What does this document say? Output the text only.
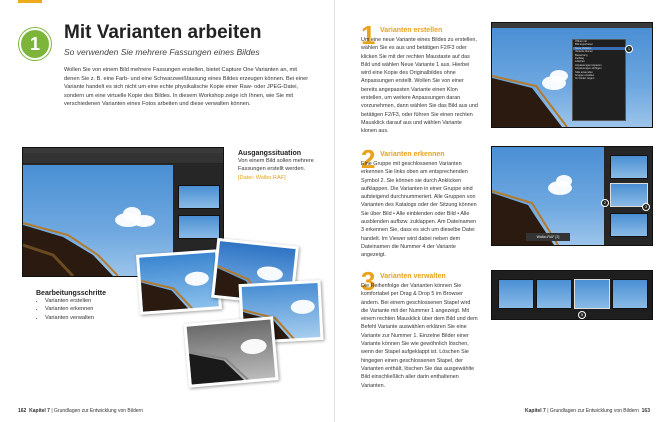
1
Mit Varianten arbeiten
So verwenden Sie mehrere Fassungen eines Bildes
Wollen Sie von einem Bild mehrere Fassungen erstellen, bietet Capture One Varianten an, mit denen Sie z. B. eine Farb- und eine Schwarzweißfassung eines Bildes erzeugen können. Bei einer Variante handelt es sich nicht um eine echte physikalische Kopie einer Raw- oder JPEG-Datei, sondern um eine virtuelle Kopie des Bildes. In diesem Workshop zeige ich Ihnen, wie Sie mit verschiedenen Varianten eines Fotos arbeiten und diese verwalten können.
Ausgangssituation
Von einem Bild sollen mehrere Fassungen erstellt werden.
[Datei: Walbo.RAF]
Bearbeitungsschritte
• Varianten erstellen
• Varianten erkennen
• Varianten verwalten
162 Kapitel 7 | Grundlagen zur Entwicklung von Bildern
1 Varianten erstellen
Um eine neue Variante eines Bildes zu erstellen, wählen Sie es aus und betätigen F2/F3 oder klicken Sie mit der rechten Maustaste auf das Bild und wählen Neue Variante 1 aus. Hierbei wird eine Kopie des Originalbildes ohne Anpassungen erstellt. Wollen Sie von einer bereits angepassten Variante einen Klon erstellen, um weitere Anpassungen daran vorzunehmen, dann wählen Sie das Bild aus und betätigen F2/F3, oder führen Sie einen rechten Mausklick darauf aus und wählen Variante klonen aus.
Öffnen mit
Bild exportieren
Neue Variante
Variante klonen
Bewertung
Farbtag
Löschen
Anpassungen kopieren
Anpassungen einfügen
Stile anwenden
Gruppe erstellen
Im Finder zeigen
1
2 Varianten erkennen
Eine Gruppe mit geschlossenen Varianten erkennen Sie links oben am entsprechenden Symbol 2. Sie können sie durch Anklicken aufklappen. Die Varianten in einer Gruppe sind aufsteigend durchnummeriert. Alle Gruppen von Varianten des Katalogs oder der Sitzung können Sie über Bild • Alle einblenden oder Bild • Alle ausblenden aufbzw. zuklappen. Am Dateinamen 3 erkennen Sie, dass es sich um dieselbe Datei handelt. Im Viewer wird dabei neben dem Dateinamen die Nummer 4 der Variante angezeigt.
Walbo.RAF [2]
2
3
3 Varianten verwalten
Die Reihenfolge der Varianten können Sie komfortabel per Drag & Drop 5 im Browser ändern. Bei einem geschlossenen Stapel wird die Variante mit der Nummer 1 angezeigt. Mit einem rechten Mausklick über dem Bild und dem Befehl Variante auswählen erklären Sie eine Variante zur Nummer 1. Einzelne Bilder einer Variante können Sie wie gewöhnlich löschen, wenn der Stapel aufgeklappt ist. Löschen Sie hingegen einen geschlossenen Stapel, der Varianten enthält, löschen Sie das ausgewählte Bild einschließlich aller darin enthaltenen Varianten.
5
Kapitel 7 | Grundlagen zur Entwicklung von Bildern 163
